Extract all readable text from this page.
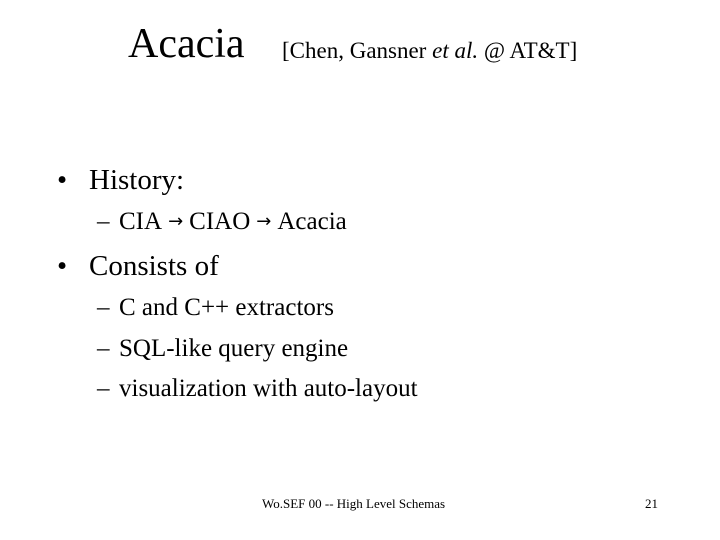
Acacia [Chen, Gansner et al. @ AT&T]
• History:
– CIA → CIAO → Acacia
• Consists of
– C and C++ extractors
– SQL-like query engine
– visualization with auto-layout
Wo.SEF 00 -- High Level Schemas	21
